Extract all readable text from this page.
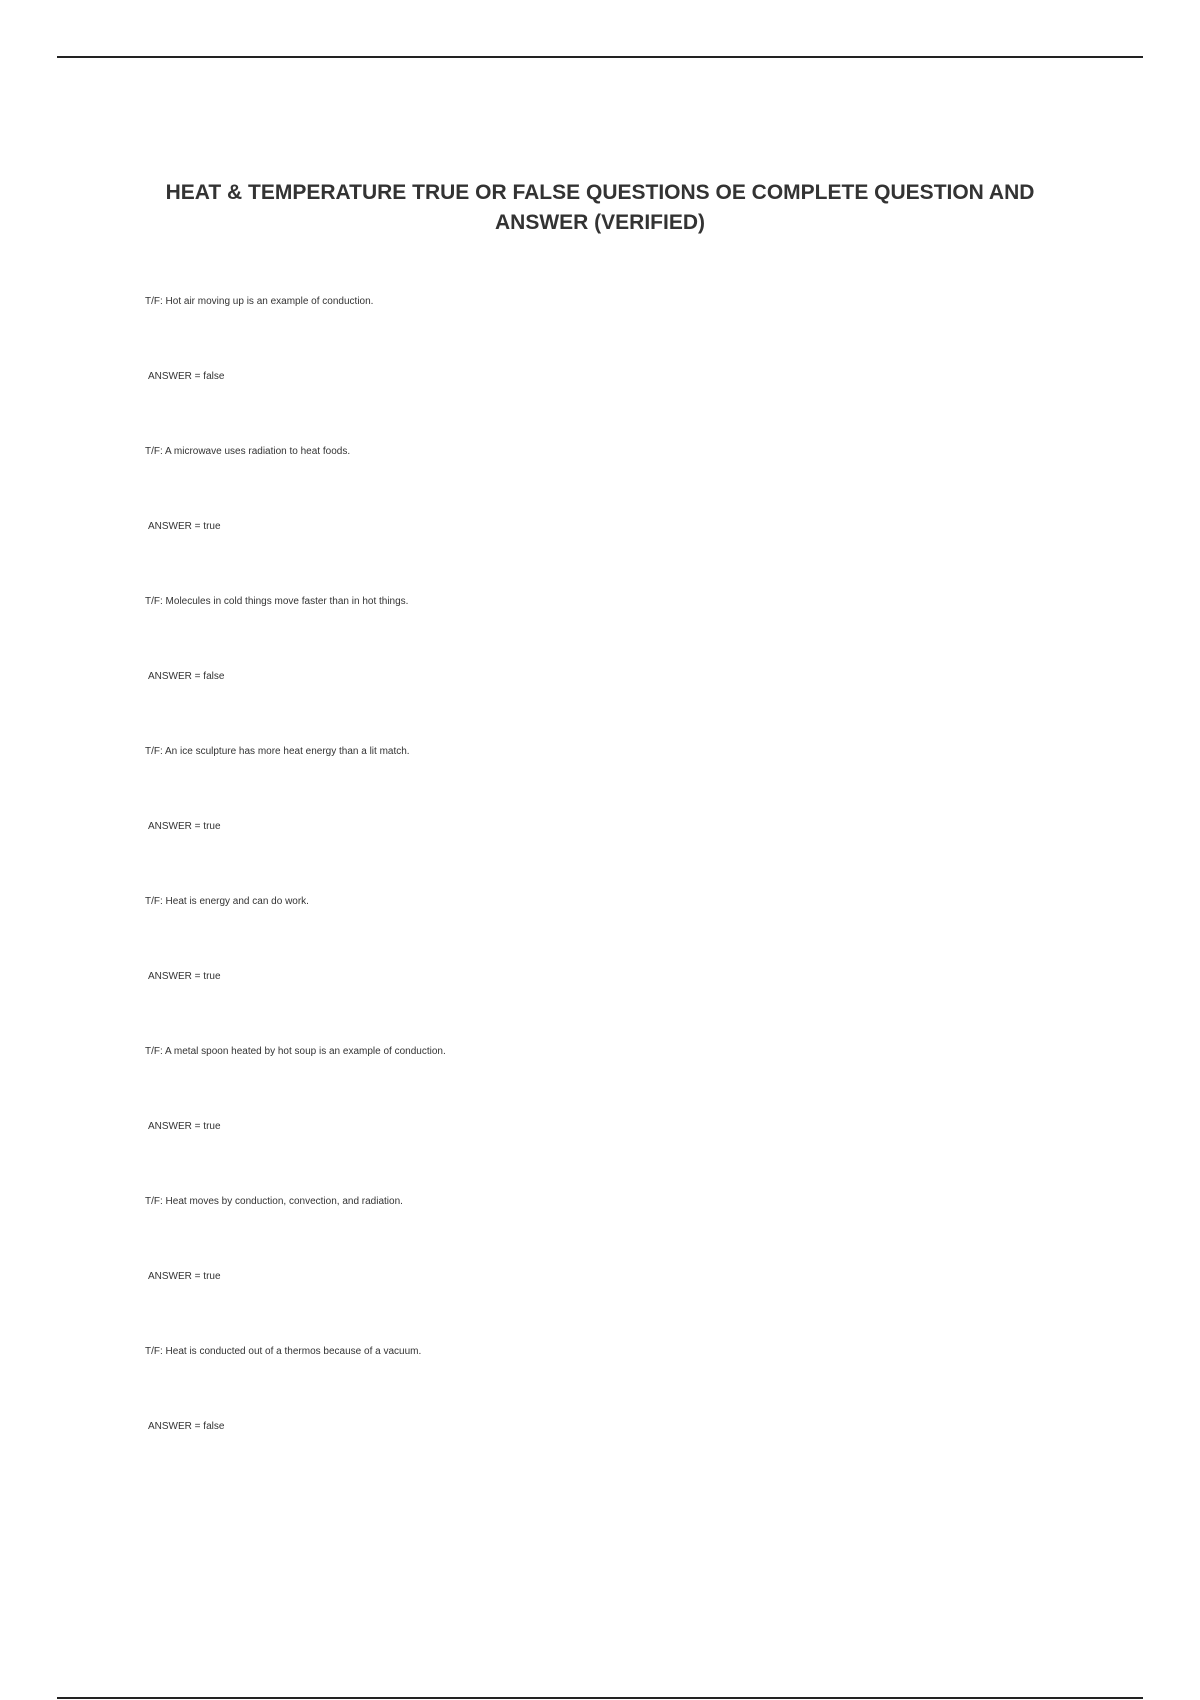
HEAT & TEMPERATURE TRUE OR FALSE QUESTIONS OE COMPLETE QUESTION AND
ANSWER (VERIFIED)
T/F: Hot air moving up is an example of conduction.
ANSWER = false
T/F: A microwave uses radiation to heat foods.
ANSWER = true
T/F: Molecules in cold things move faster than in hot things.
ANSWER = false
T/F: An ice sculpture has more heat energy than a lit match.
ANSWER = true
T/F: Heat is energy and can do work.
ANSWER = true
T/F: A metal spoon heated by hot soup is an example of conduction.
ANSWER = true
T/F: Heat moves by conduction, convection, and radiation.
ANSWER = true
T/F: Heat is conducted out of a thermos because of a vacuum.
ANSWER = false
